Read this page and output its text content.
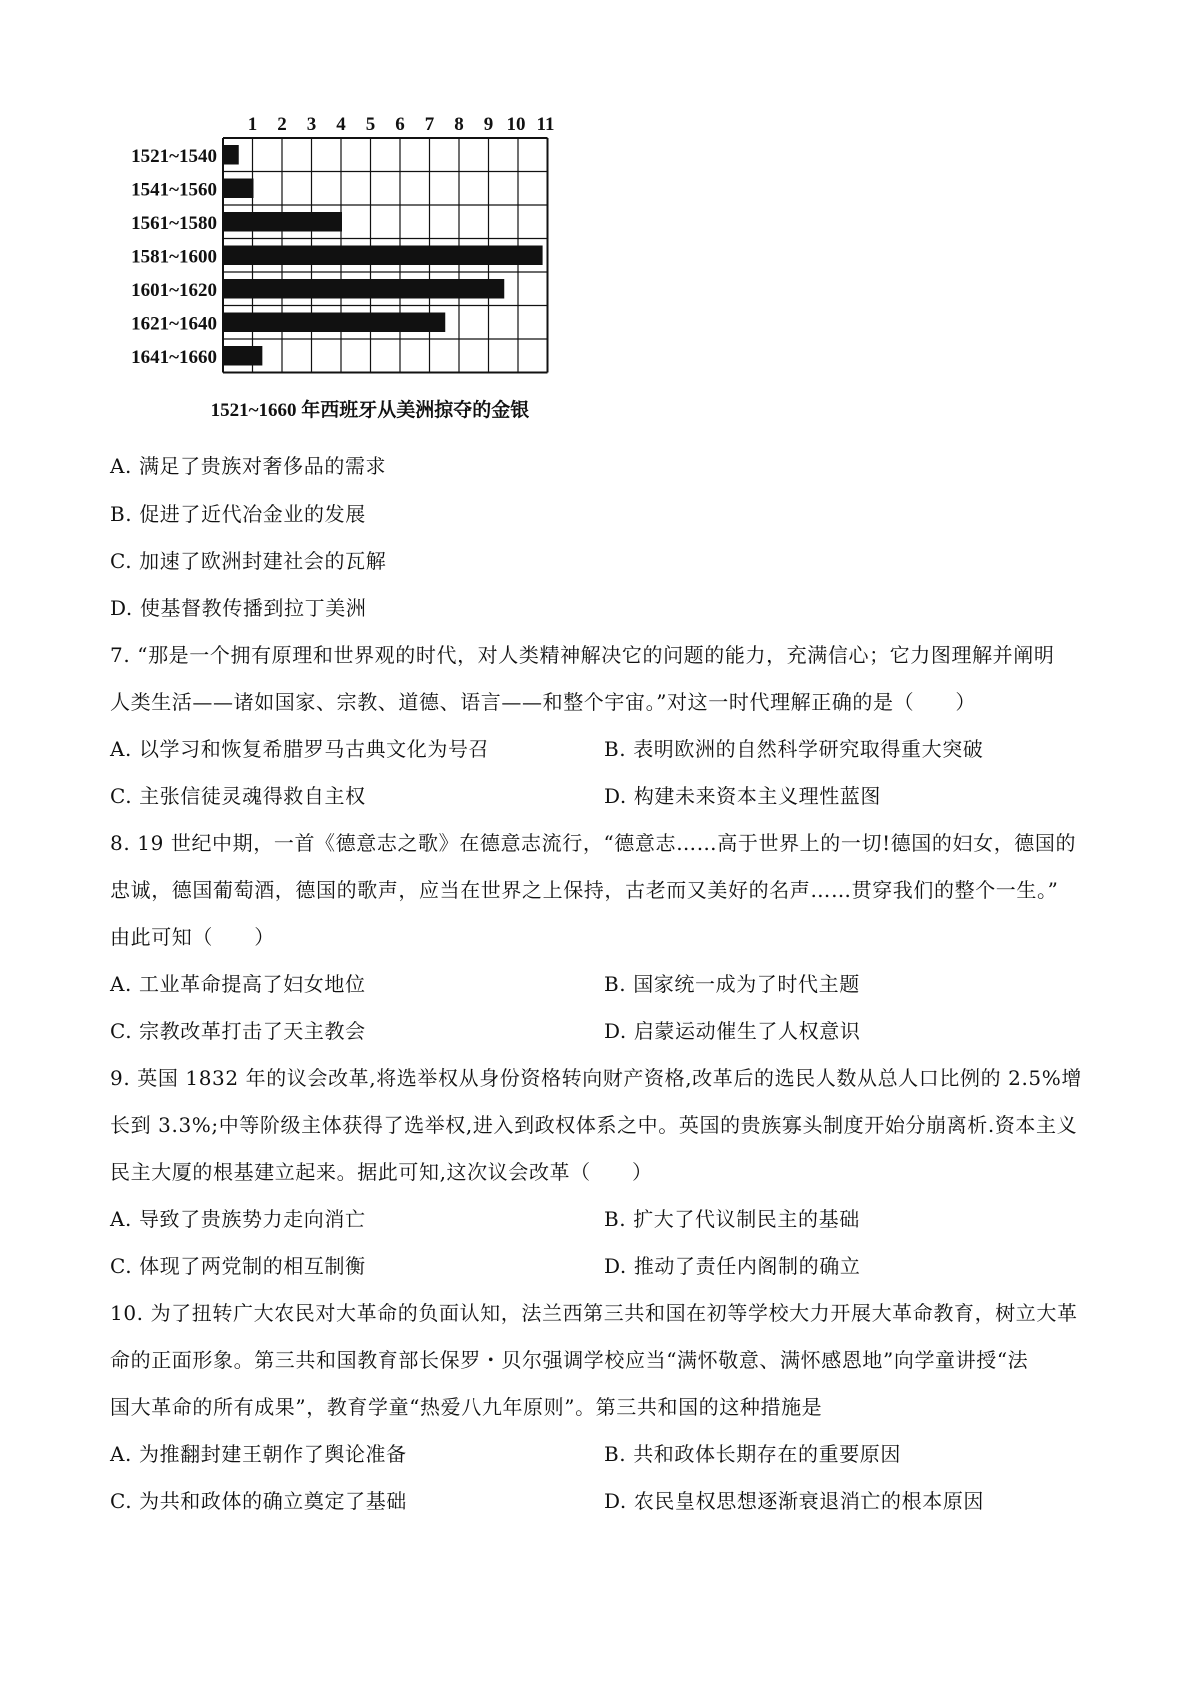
1 2 3 4 5 6 7 8 9 10 11
1521~1540
1541~1560
1561~1580
1581~1600
1601~1620
1621~1640
1641~1660
1521~1660 年西班牙从美洲掠夺的金银
A. 满足了贵族对奢侈品的需求
B. 促进了近代冶金业的发展
C. 加速了欧洲封建社会的瓦解
D. 使基督教传播到拉丁美洲
7. “那是一个拥有原理和世界观的时代，对人类精神解决它的问题的能力，充满信心；它力图理解并阐明
人类生活——诸如国家、宗教、道德、语言——和整个宇宙。”对这一时代理解正确的是（　　）
A. 以学习和恢复希腊罗马古典文化为号召	B. 表明欧洲的自然科学研究取得重大突破
C. 主张信徒灵魂得救自主权	D. 构建未来资本主义理性蓝图
8. 19 世纪中期，一首《德意志之歌》在德意志流行，“德意志……高于世界上的一切!德国的妇女，德国的
忠诚，德国葡萄酒，德国的歌声，应当在世界之上保持，古老而又美好的名声……贯穿我们的整个一生。”
由此可知（　　）
A. 工业革命提高了妇女地位	B. 国家统一成为了时代主题
C. 宗教改革打击了天主教会	D. 启蒙运动催生了人权意识
9. 英国 1832 年的议会改革,将选举权从身份资格转向财产资格,改革后的选民人数从总人口比例的 2.5%增
长到 3.3%;中等阶级主体获得了选举权,进入到政权体系之中。英国的贵族寡头制度开始分崩离析.资本主义
民主大厦的根基建立起来。据此可知,这次议会改革（　　）
A. 导致了贵族势力走向消亡	B. 扩大了代议制民主的基础
C. 体现了两党制的相互制衡	D. 推动了责任内阁制的确立
10. 为了扭转广大农民对大革命的负面认知，法兰西第三共和国在初等学校大力开展大革命教育，树立大革
命的正面形象。第三共和国教育部长保罗・贝尔强调学校应当“满怀敬意、满怀感恩地”向学童讲授“法
国大革命的所有成果”，教育学童“热爱八九年原则”。第三共和国的这种措施是
A. 为推翻封建王朝作了舆论准备	B. 共和政体长期存在的重要原因
C. 为共和政体的确立奠定了基础	D. 农民皇权思想逐渐衰退消亡的根本原因
